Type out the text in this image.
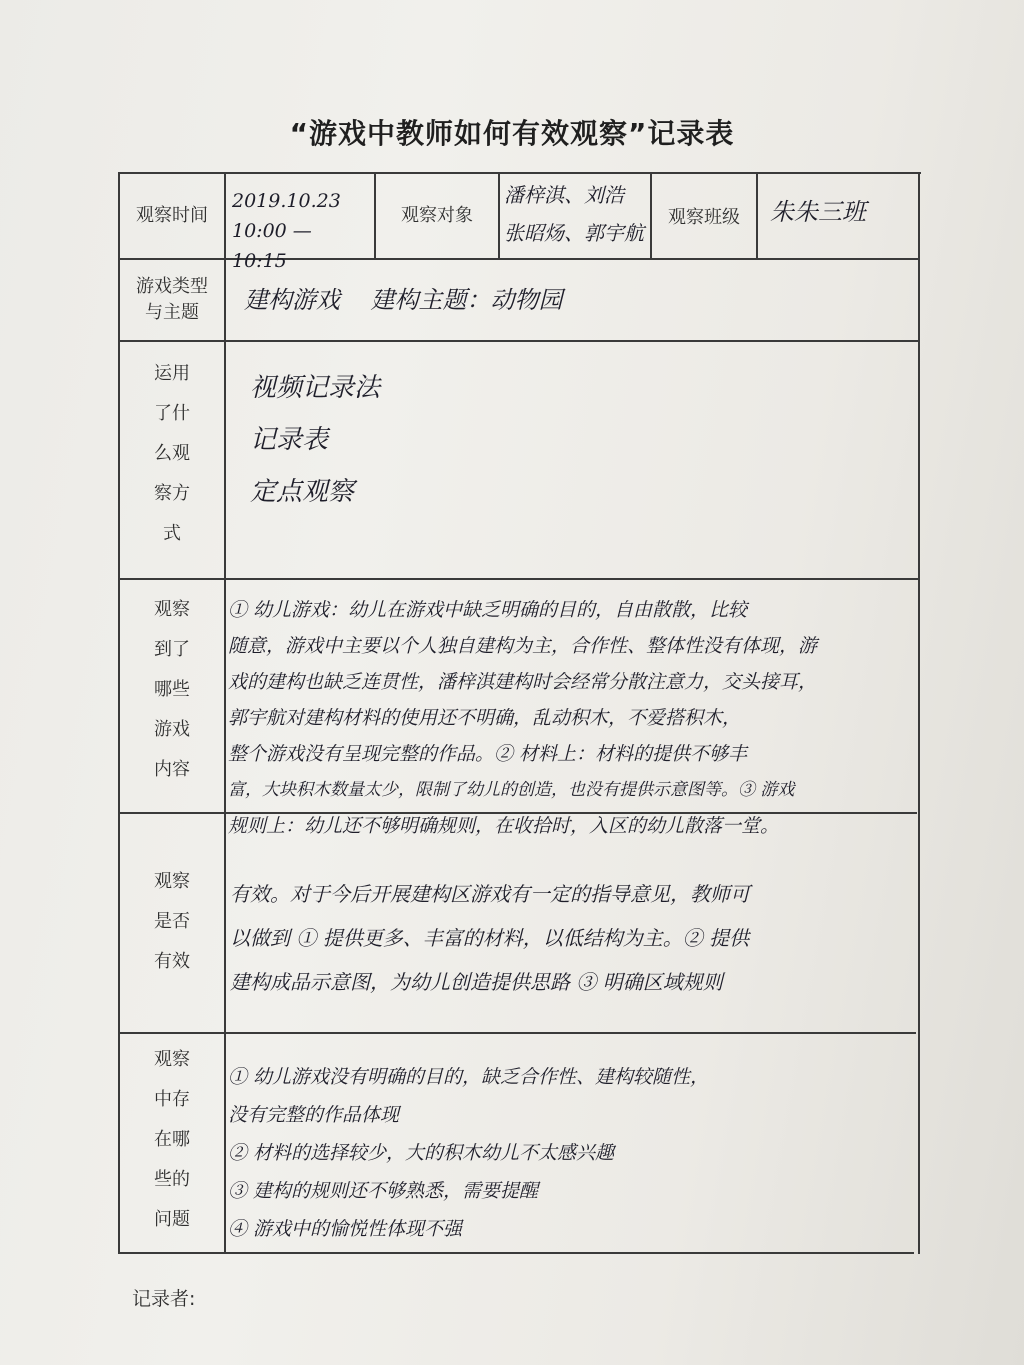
“游戏中教师如何有效观察”记录表
观察时间

2019.10.23

10:00 — 10:15

观察对象

潘梓淇、刘浩

张昭炀、郭宇航

观察班级	朱朱三班
游戏类型
与主题	建构游戏    建构主题：动物园
运用
了什
么观
察方
式

视频记录法

记录表

定点观察

观察
到了
哪些
游戏
内容

① 幼儿游戏：幼儿在游戏中缺乏明确的目的，自由散散，比较

随意，游戏中主要以个人独自建构为主，合作性、整体性没有体现，游

戏的建构也缺乏连贯性，潘梓淇建构时会经常分散注意力，交头接耳，

郭宇航对建构材料的使用还不明确，乱动积木，不爱搭积木，

整个游戏没有呈现完整的作品。② 材料上：材料的提供不够丰

富，大块积木数量太少，限制了幼儿的创造，也没有提供示意图等。③ 游戏

规则上：幼儿还不够明确规则，在收拾时，入区的幼儿散落一堂。

观察
是否
有效

有效。对于今后开展建构区游戏有一定的指导意见，教师可

以做到 ① 提供更多、丰富的材料，以低结构为主。② 提供

建构成品示意图，为幼儿创造提供思路 ③ 明确区域规则

观察
中存
在哪
些的
问题

① 幼儿游戏没有明确的目的，缺乏合作性、建构较随性，

没有完整的作品体现

② 材料的选择较少，大的积木幼儿不太感兴趣

③ 建构的规则还不够熟悉，需要提醒

④ 游戏中的愉悦性体现不强

记录者:
